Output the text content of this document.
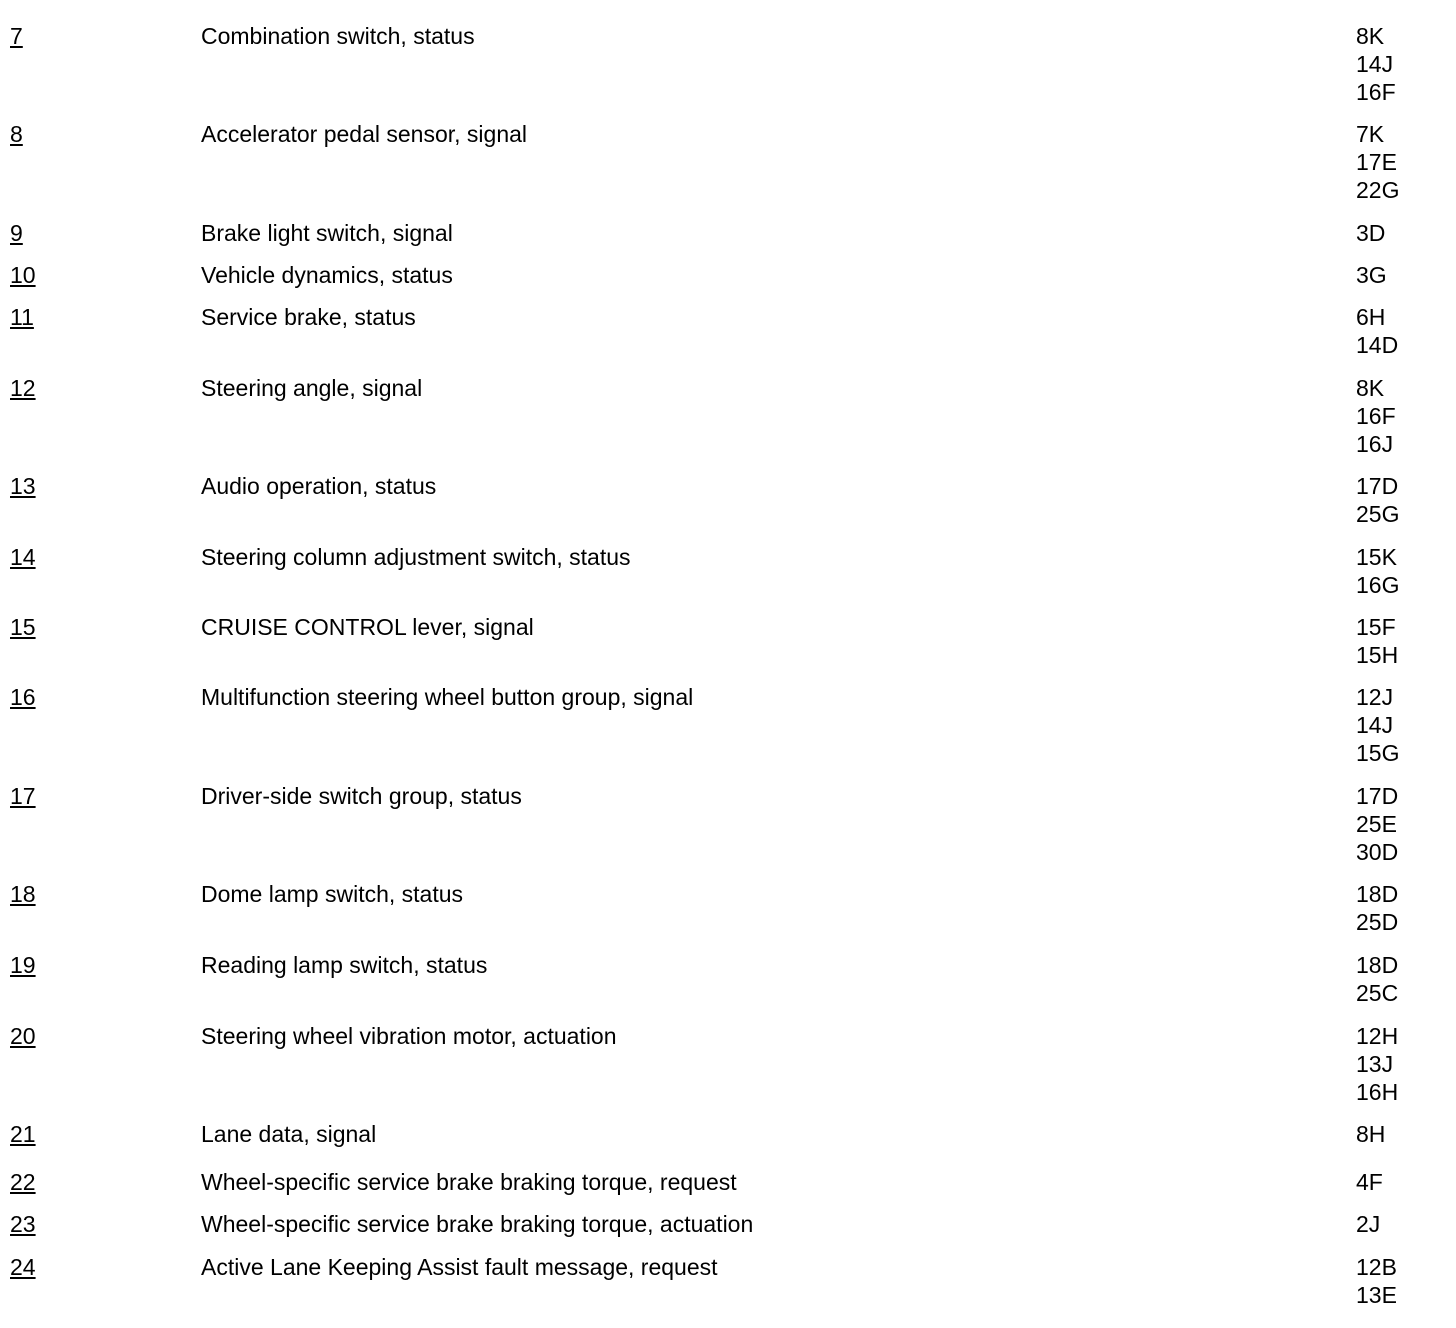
7	Combination switch, status	8K
14J
16F
8	Accelerator pedal sensor, signal	7K
17E
22G
9	Brake light switch, signal	3D
10	Vehicle dynamics, status	3G
11	Service brake, status	6H
14D
12	Steering angle, signal	8K
16F
16J
13	Audio operation, status	17D
25G
14	Steering column adjustment switch, status	15K
16G
15	CRUISE CONTROL lever, signal	15F
15H
16	Multifunction steering wheel button group, signal	12J
14J
15G
17	Driver-side switch group, status	17D
25E
30D
18	Dome lamp switch, status	18D
25D
19	Reading lamp switch, status	18D
25C
20	Steering wheel vibration motor, actuation	12H
13J
16H
21	Lane data, signal	8H
22	Wheel-specific service brake braking torque, request	4F
23	Wheel-specific service brake braking torque, actuation	2J
24	Active Lane Keeping Assist fault message, request	12B
13E
